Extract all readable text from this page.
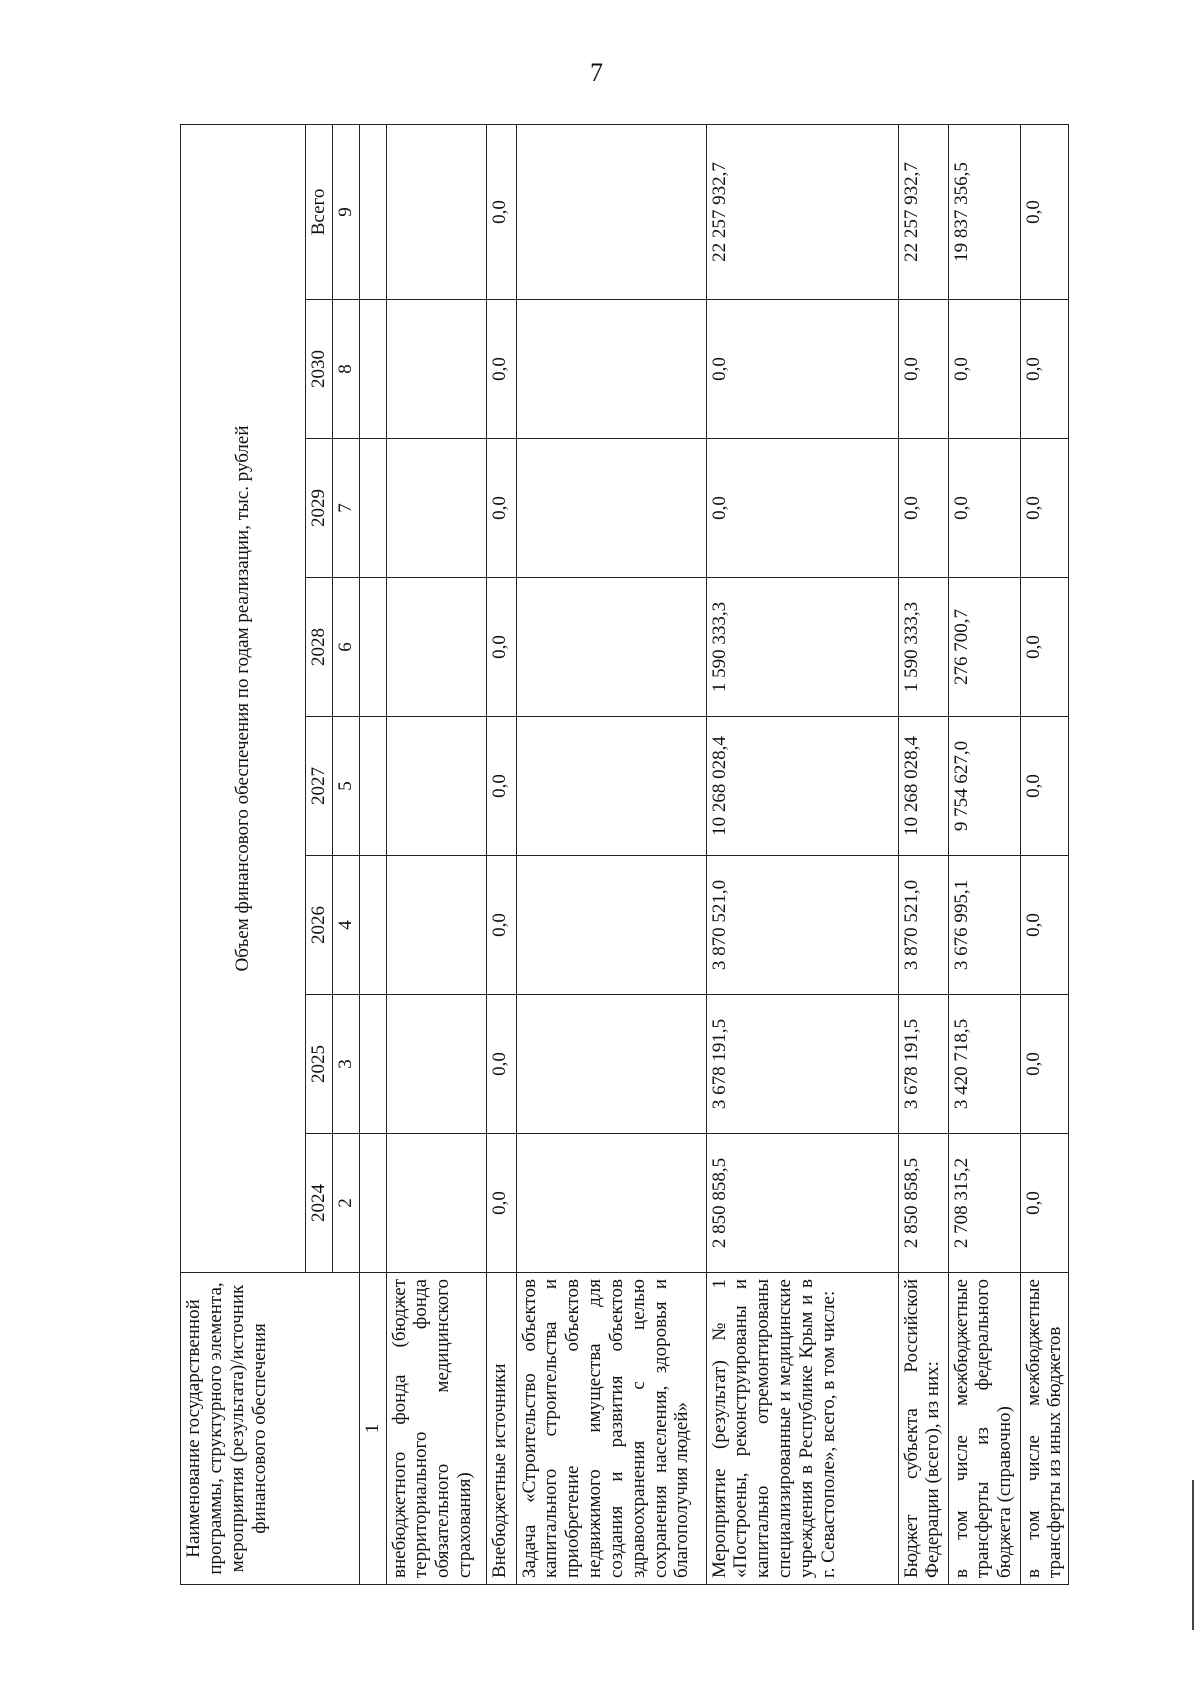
7
Наименование государственной программы, структурного элемента, мероприятия (результата)/источник финансового обеспечения	Объем финансового обеспечения по годам реализации, тыс. рублей							
	2024	2025	2026	2027	2028	2029	2030	Всего
	2	3	4	5	6	7	8	9
1								
внебюджетного фонда (бюджет территориального фонда обязательного медицинского страхования)								
Внебюджетные источники	0,0	0,0	0,0	0,0	0,0	0,0	0,0	0,0
Задача «Строительство объектов капитального строительства и приобретение объектов недвижимого имущества для создания и развития объектов здравоохранения с целью сохранения населения, здоровья и благополучия людей»								
Мероприятие (результат) № 1 «Построены, реконструированы и капитально отремонтированы специализированные и медицинские учреждения в Республике Крым и в г. Севастополе», всего, в том числе:	2 850 858,5	3 678 191,5	3 870 521,0	10 268 028,4	1 590 333,3	0,0	0,0	22 257 932,7
Бюджет субъекта Российской Федерации (всего), из них:	2 850 858,5	3 678 191,5	3 870 521,0	10 268 028,4	1 590 333,3	0,0	0,0	22 257 932,7
в том числе межбюджетные трансферты из федерального бюджета (справочно)	2 708 315,2	3 420 718,5	3 676 995,1	9 754 627,0	276 700,7	0,0	0,0	19 837 356,5
в том числе межбюджетные трансферты из иных бюджетов	0,0	0,0	0,0	0,0	0,0	0,0	0,0	0,0
